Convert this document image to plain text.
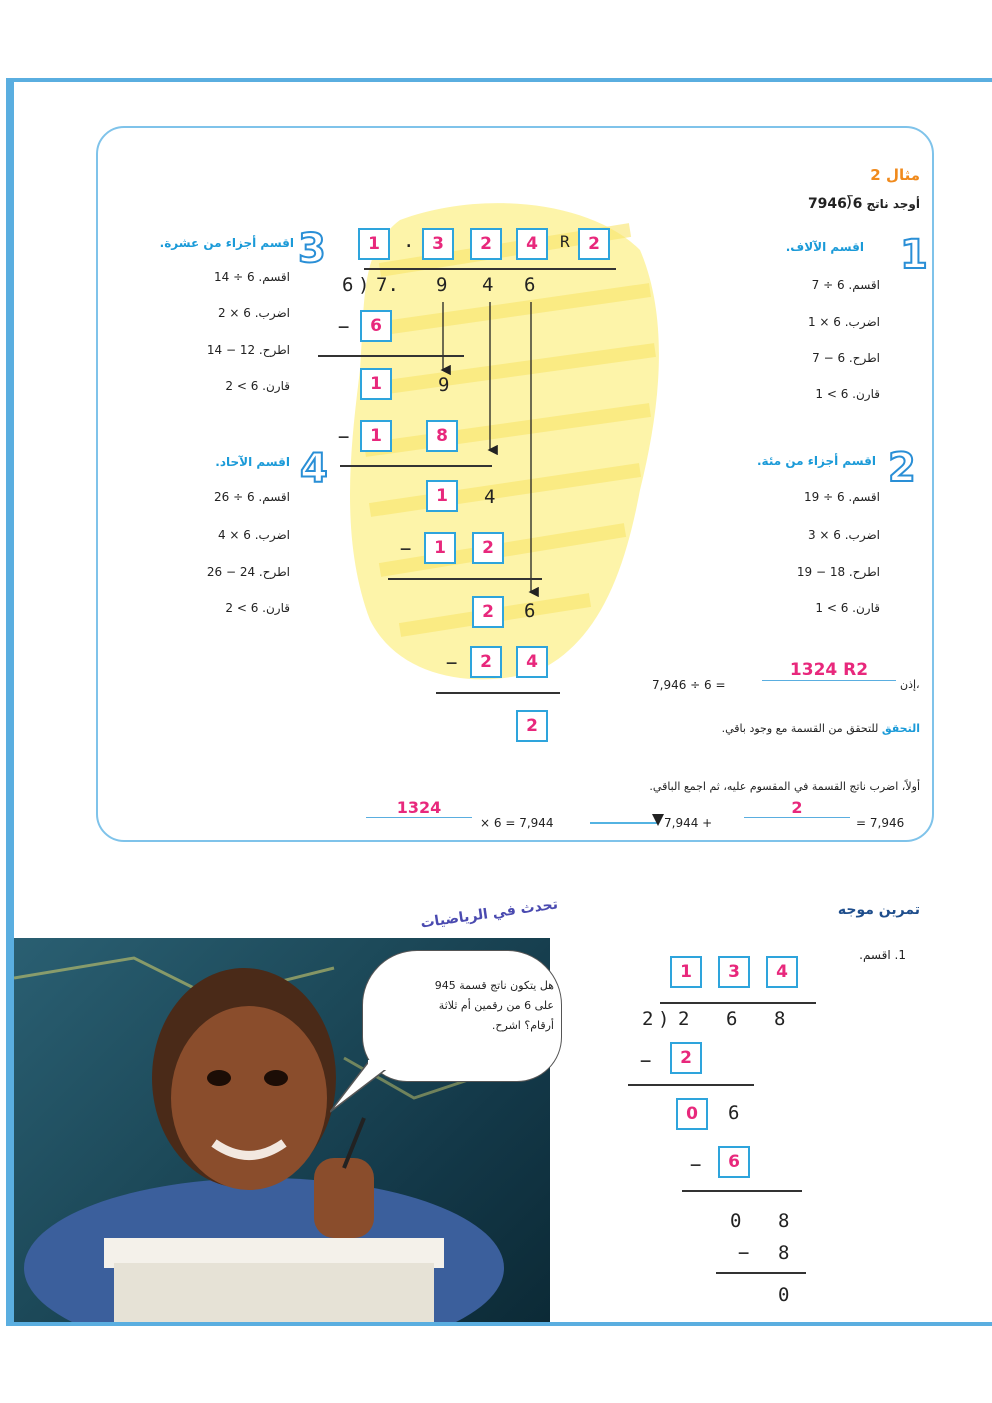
مثال 2
أوجد ناتج 6⟌7946
1
اقسم الآلاف.
اقسم. 6 ÷ 7
اضرب. 6 × 1
اطرح. 6 − 7
قارن. 6 > 1
2
اقسم أجزاء من مئة.
اقسم. 6 ÷ 19
اضرب. 6 × 3
اطرح. 18 − 19
قارن. 6 > 1
3
اقسم أجزاء من عشرة.
اقسم. 6 ÷ 14
اضرب. 6 × 2
اطرح. 12 − 14
قارن. 6 > 2
4
اقسم الآحاد.
اقسم. 6 ÷ 26
اضرب. 6 × 4
اطرح. 24 − 26
قارن. 6 > 2
1	.	3	2	4	R	2
6 ) 7. 9 4 6
−	6
1	9
−	1	8
1	4
−	1	2
2	6
−	2	4
2
إذن،
1324 R2
7,946 ÷ 6 =
التحقق للتحقق من القسمة مع وجود باقي.
أولاً، اضرب ناتج القسمة في المقسوم عليه، ثم اجمع الباقي.
1324
× 6 = 7,944	7,944 +
2
= 7,946
تمرين موجه
1. اقسم.
1	3	4
2 ) 2 6 8
−	2
0	6
−	6
0 8
− 8
0
تحدث في الرياضيات
هل يتكون ناتج قسمة 945
على 6 من رقمين أم ثلاثة
أرقام؟ اشرح.
